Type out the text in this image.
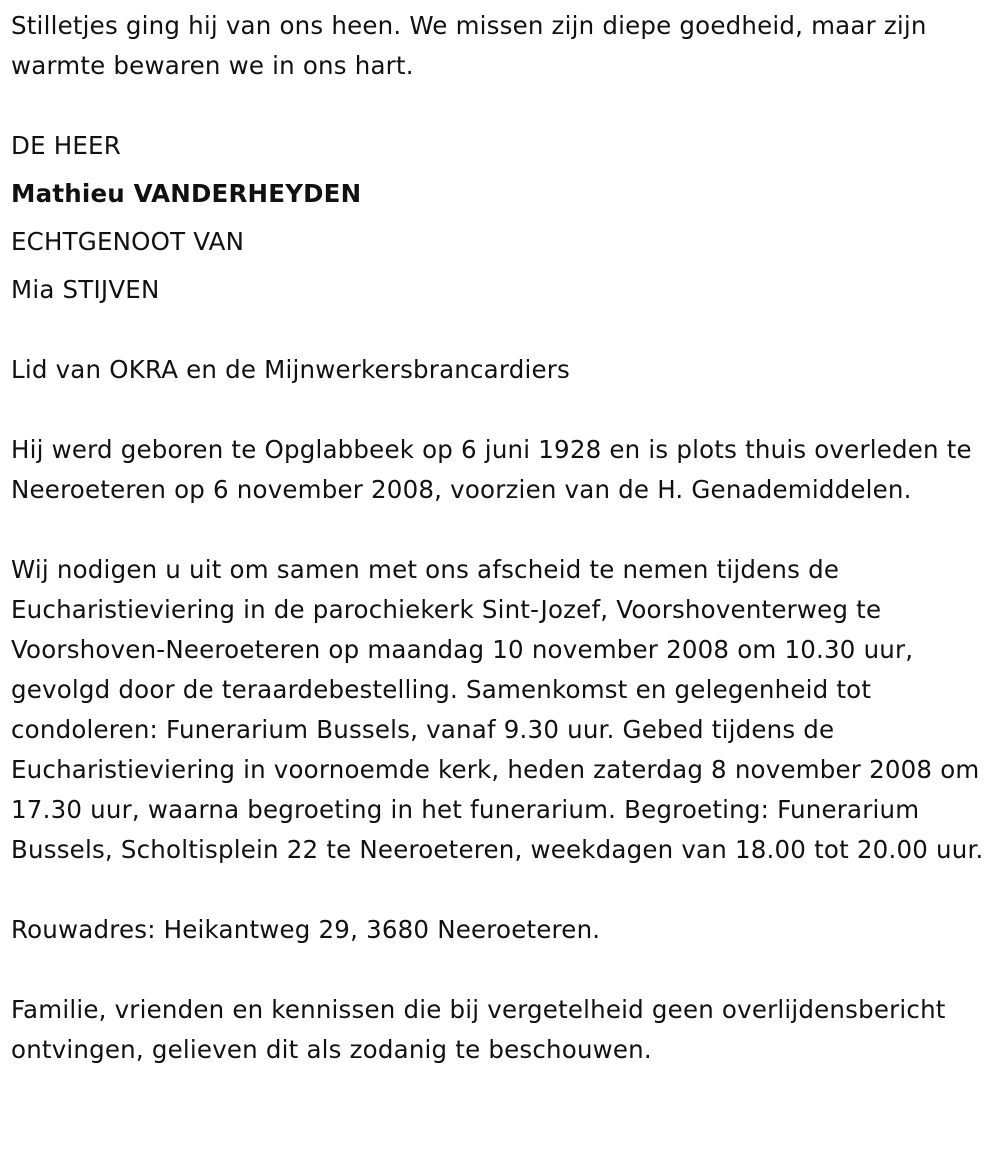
Stilletjes ging hij van ons heen. We missen zijn diepe goedheid, maar zijn warmte bewaren we in ons hart.

DE HEER

Mathieu VANDERHEYDEN

ECHTGENOOT VAN

Mia STIJVEN

Lid van OKRA en de Mijnwerkersbrancardiers

Hij werd geboren te Opglabbeek op 6 juni 1928 en is plots thuis overleden te Neeroeteren op 6 november 2008, voorzien van de H. Genademiddelen.

Wij nodigen u uit om samen met ons afscheid te nemen tijdens de Eucharistieviering in de parochiekerk Sint-Jozef, Voorshoventerweg te Voorshoven-Neeroeteren op maandag 10 november 2008 om 10.30 uur, gevolgd door de teraardebestelling. Samenkomst en gelegenheid tot condoleren: Funerarium Bussels, vanaf 9.30 uur. Gebed tijdens de Eucharistieviering in voornoemde kerk, heden zaterdag 8 november 2008 om 17.30 uur, waarna begroeting in het funerarium. Begroeting: Funerarium Bussels, Scholtisplein 22 te Neeroeteren, weekdagen van 18.00 tot 20.00 uur.

Rouwadres: Heikantweg 29, 3680 Neeroeteren.

Familie, vrienden en kennissen die bij vergetelheid geen overlijdensbericht ontvingen, gelieven dit als zodanig te beschouwen.
